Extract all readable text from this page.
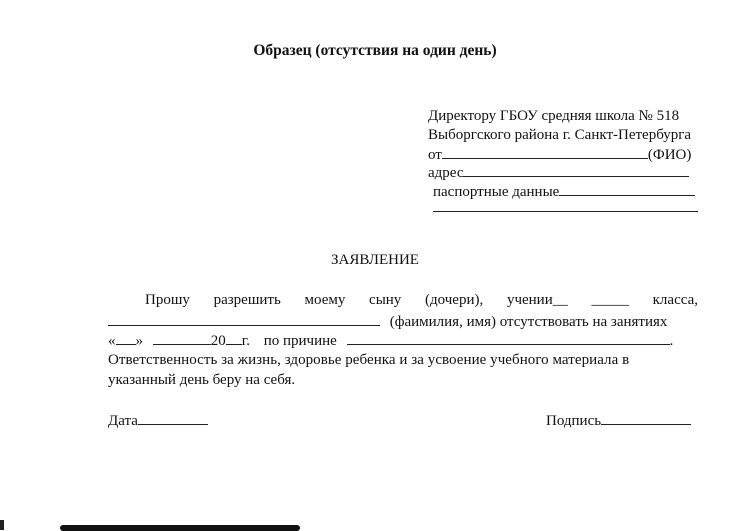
Образец (отсутствия на один день)
Директору ГБОУ средняя школа № 518
Выборгского района г. Санкт-Петербурга
от	(ФИО)
адрес
паспортные данные
ЗАЯВЛЕНИЕ
Прошу разрешить моему сыну (дочери), учении__ _____ класса,
(фаимилия, имя) отсутствовать на занятиях
« »	20 г. по причине	.
Ответственность за жизнь, здоровье ребенка и за усвоение учебного материала в
указанный день беру на себя.
Дата	Подпись
